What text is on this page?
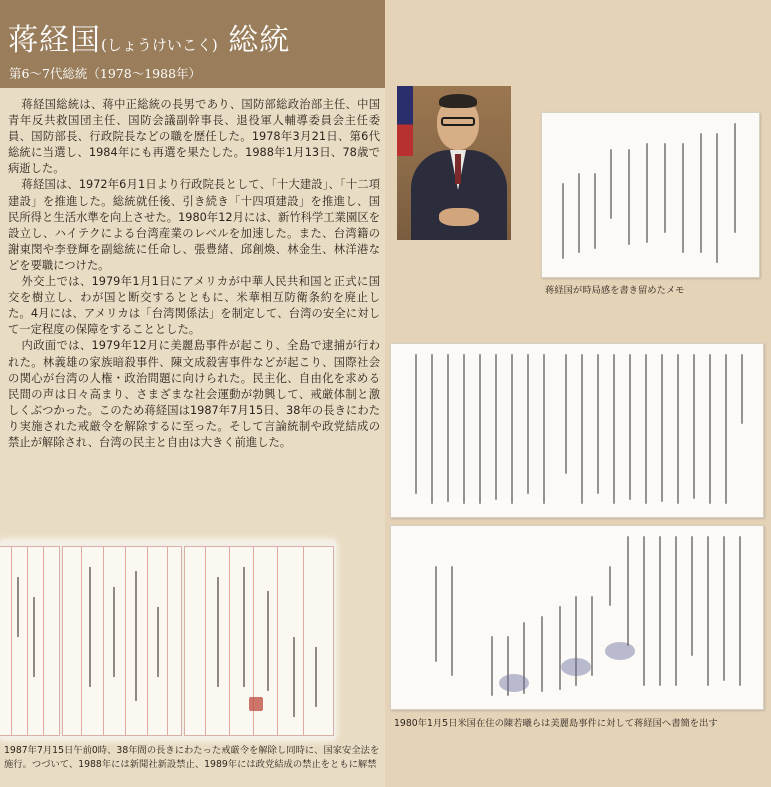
蒋経国(しょうけいこく) 総統
第6～7代総統（1978～1988年）

蒋経国総統は、蒋中正総統の長男であり、国防部総政治部主任、中国青年反共救国団主任、国防会議副幹事長、退役軍人輔導委員会主任委員、国防部長、行政院長などの職を歴任した。1978年3月21日、第6代総統に当選し、1984年にも再選を果たした。1988年1月13日、78歳で病逝した。

蒋経国は、1972年6月1日より行政院長として、「十大建設」、「十二項建設」を推進した。総統就任後、引き続き「十四項建設」を推進し、国民所得と生活水準を向上させた。1980年12月には、新竹科学工業園区を設立し、ハイテクによる台湾産業のレベルを加速した。また、台湾籍の謝東閔や李登輝を副総統に任命し、張豊緒、邱創煥、林金生、林洋港などを要職につけた。

外交上では、1979年1月1日にアメリカが中華人民共和国と正式に国交を樹立し、わが国と断交するとともに、米華相互防衛条約を廃止した。4月には、アメリカは「台湾関係法」を制定して、台湾の安全に対して一定程度の保障をすることとした。

内政面では、1979年12月に美麗島事件が起こり、全島で逮捕が行われた。林義雄の家族暗殺事件、陳文成殺害事件などが起こり、国際社会の関心が台湾の人権・政治問題に向けられた。民主化、自由化を求める民間の声は日々高まり、さまざまな社会運動が勃興して、戒厳体制と激しくぶつかった。このため蒋経国は1987年7月15日、38年の長きにわたり実施された戒厳令を解除するに至った。そして言論統制や政党結成の禁止が解除され、台湾の民主と自由は大きく前進した。

1987年7月15日午前0時、38年間の長きにわたった戒厳令を解除し同時に、国家安全法を施行。つづいて、1988年には新聞社新設禁止、1989年には政党結成の禁止をともに解禁
蒋経国が時局感を書き留めたメモ
1980年1月5日米国在住の陳若曦らは美麗島事件に対して蒋経国へ書簡を出す
